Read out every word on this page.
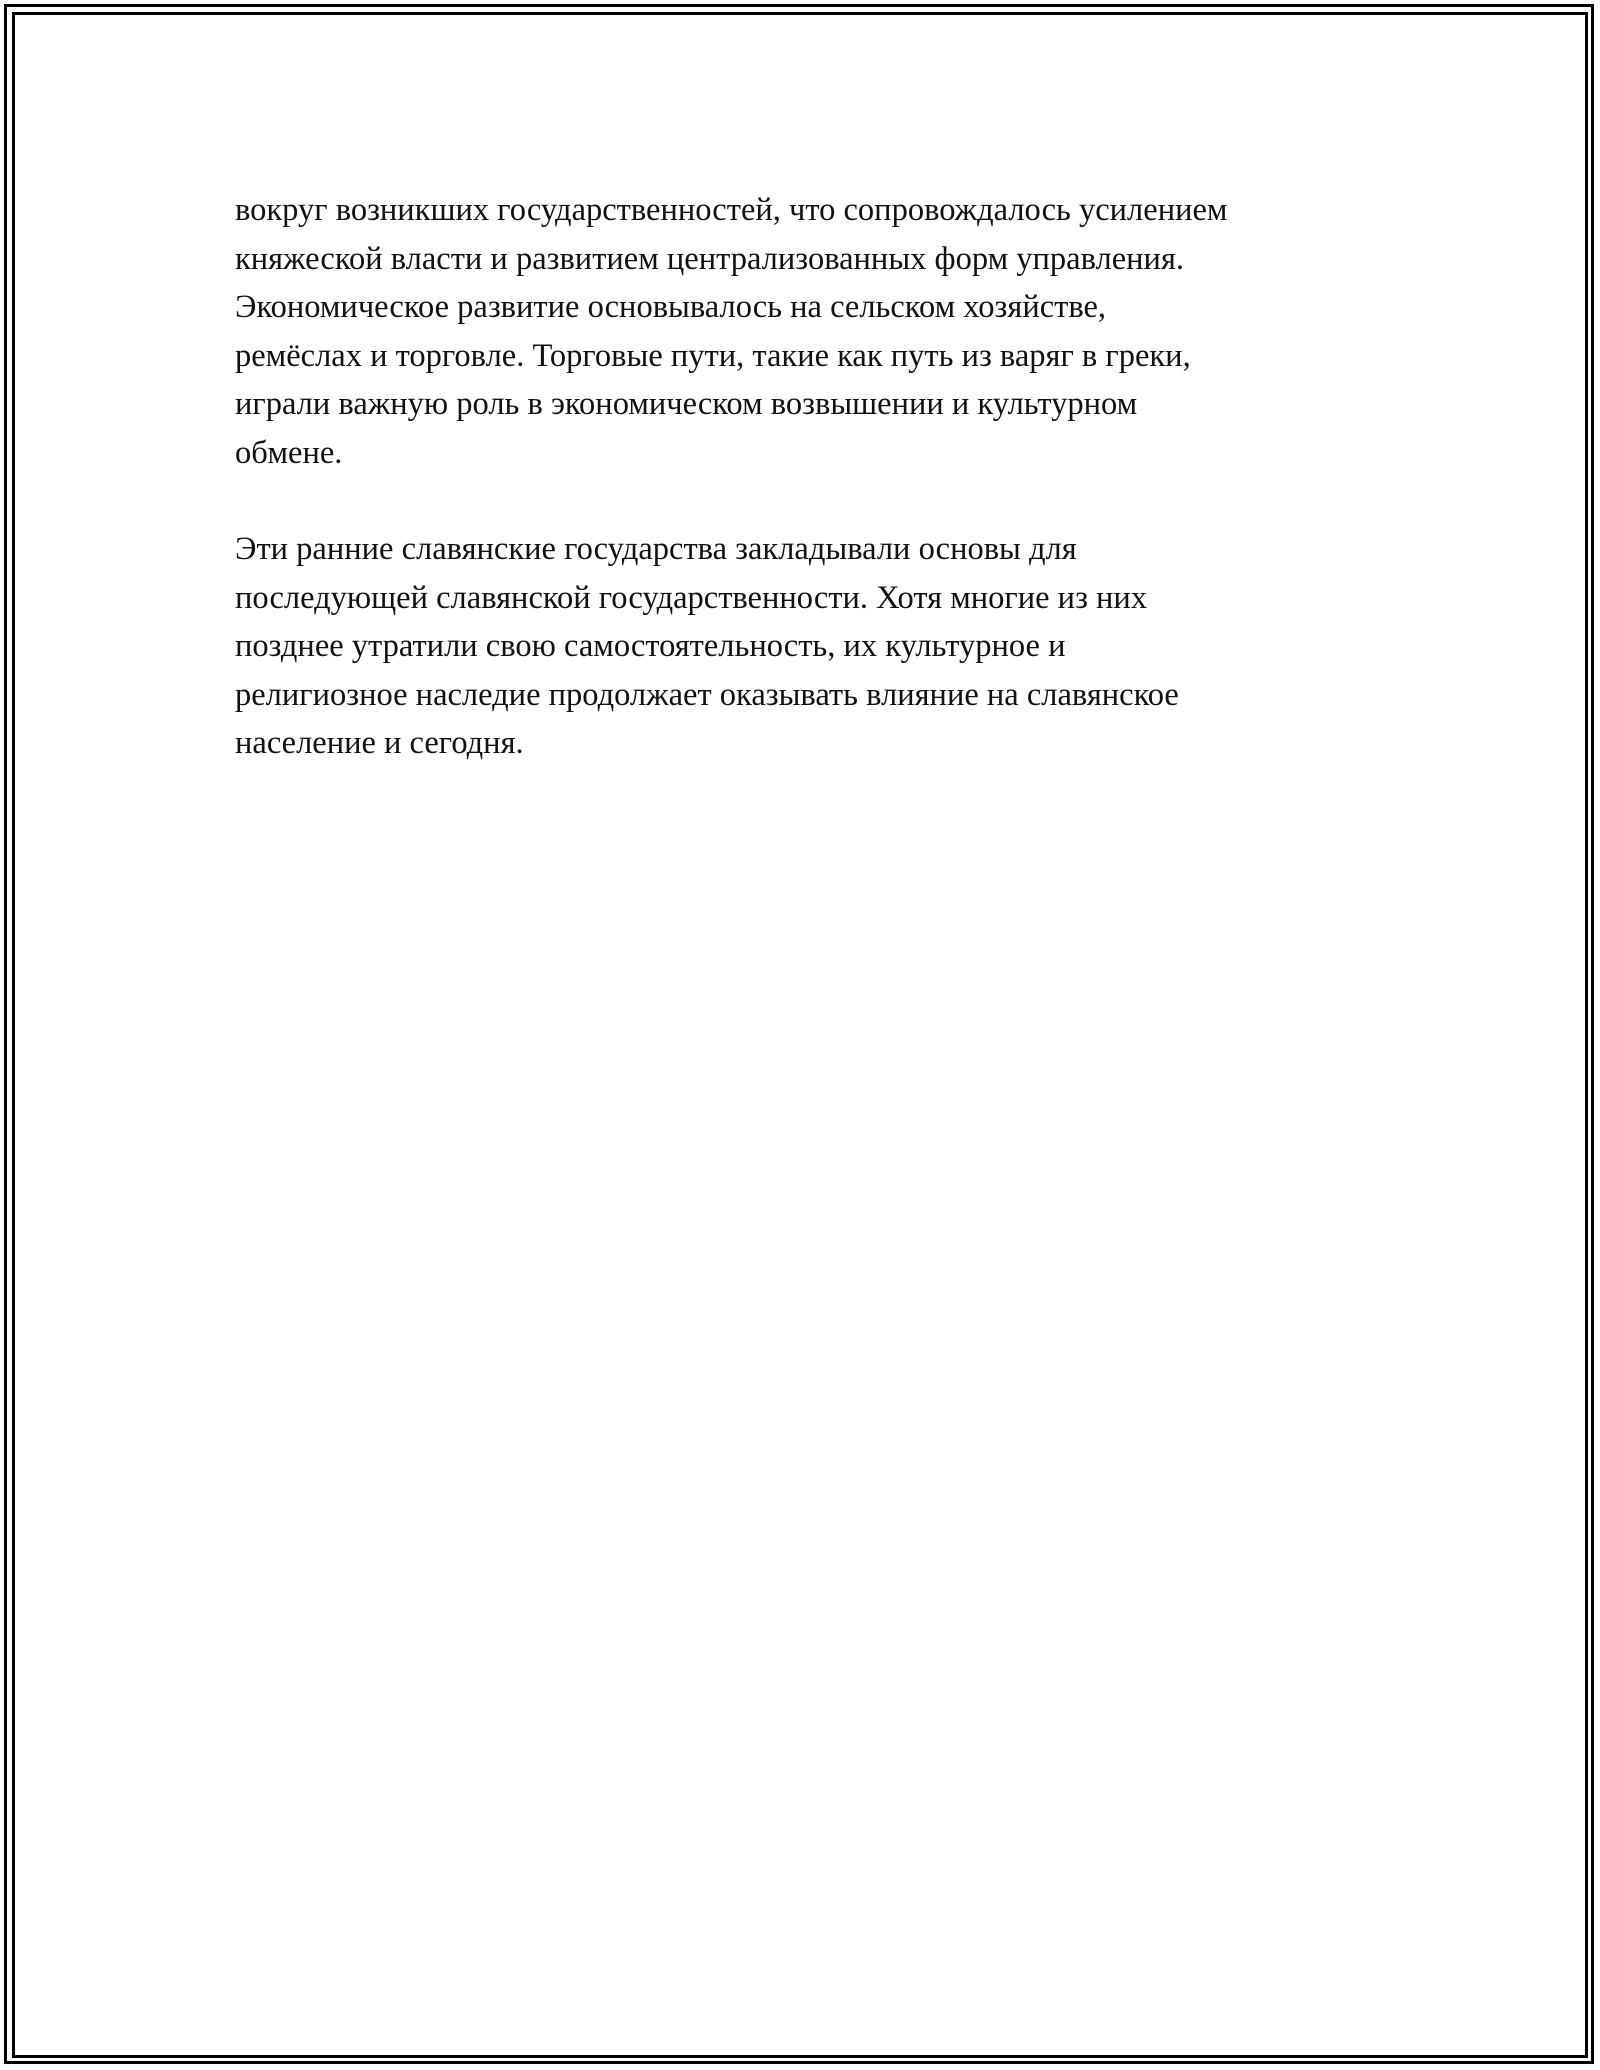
вокруг возникших государственностей, что сопровождалось усилением
княжеской власти и развитием централизованных форм управления.
Экономическое развитие основывалось на сельском хозяйстве,
ремёслах и торговле. Торговые пути, такие как путь из варяг в греки,
играли важную роль в экономическом возвышении и культурном
обмене.

Эти ранние славянские государства закладывали основы для
последующей славянской государственности. Хотя многие из них
позднее утратили свою самостоятельность, их культурное и
религиозное наследие продолжает оказывать влияние на славянское
население и сегодня.
